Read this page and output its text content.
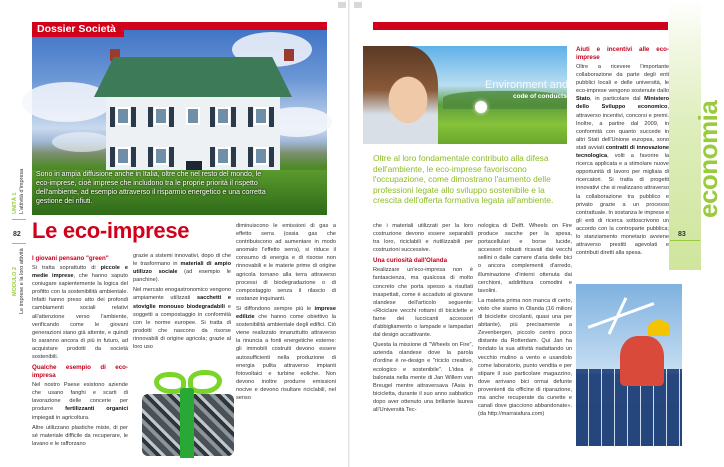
Dossier Società
Sono in ampia diffusione anche in Italia, oltre che nel resto del mondo, le eco-imprese, cioè imprese che includono tra le proprie priorità il rispetto dell'ambiente, ad esempio attraverso il risparmio energetico e una corretta gestione dei rifiuti.
UNITÀ 1 L'attività d'impresa
82
MODULO 2 Le imprese e la loro attività
Le eco-imprese
I giovani pensano "green"

Si tratta soprattutto di piccole e medie imprese, che hanno saputo coniugare sapientemente la logica del profitto con la sostenibilità ambientale. Infatti hanno preso atto dei profondi cambiamenti sociali relativi all'attenzione verso l'ambiente, verificando come le giovani generazioni siano già attente, e quindi lo saranno ancora di più in futuro, ad acquistare prodotti da società sostenibili.

Qualche esempio di eco-impresa

Nel nostro Paese esistono aziende che usano fanghi e scarti di lavorazione delle concerie per produrre fertilizzanti organici impiegati in agricoltura.

Altre utilizzano plastiche miste, di per sé materiale difficile da recuperare, le lavano e le rafforzano

grazie a sistemi innovativi, dopo di che le trasformano in materiali di ampio utilizzo sociale (ad esempio le panchine).

Nel mercato enogastronomico vengono ampiamente utilizzati sacchetti e stoviglie monouso biodegradabili e soggetti a compostaggio in conformità con le norme europee. Si tratta di prodotti che nascono da risorse rinnovabili di origine agricola; grazie al loro uso

diminuiscono le emissioni di gas a effetto serra (ossia gas che contribuiscono ad aumentare in modo anomalo l'effetto serra), si riduce il consumo di energia e di risorse non rinnovabili e le materie prime di origine agricola tornano alla terra attraverso processi di biodegradazione o di compostaggio senza il rilascio di sostanze inquinanti.

Si diffondono sempre più le imprese edilizie che hanno come obiettivo la sostenibilità ambientale degli edifici. Ciò viene realizzato innanzitutto attraverso la rinuncia a fonti energetiche esterne: gli immobili costruiti devono essere autosufficienti nella produzione di energia pulita attraverso impianti fotovoltaici e turbine eoliche. Non devono inoltre produrre emissioni nocive e devono risultare riciclabili, nel senso

Environment and ethics
code of conducts
Oltre al loro fondamentale contributo alla difesa dell'ambiente, le eco-imprese favoriscono l'occupazione, come dimostrano l'aumento delle professioni legate allo sviluppo sostenibile e la crescita dell'offerta formativa legata all'ambiente.

che i materiali utilizzati per la loro costruzione devono essere separabili tra loro, riciclabili e riutilizzabili per costruzioni successive.

Una curiosità dall'Olanda

Realizzare un'eco-impresa non è fantascienza, ma qualcosa di molto concreto che porta spesso a risultati inaspettati, come è accaduto al giovane olandese dell'articolo seguente: «Riciclare vecchi rottami di biciclette e farne dei luccicanti accessori d'abbigliamento o lampade e lampadari dal design accattivante.

Questa la missione di "Wheels on Fire", azienda olandese dove la parola d'ordine è re-design e "riciclo creativo, ecologico e sostenibile". L'idea è balonata nella mente di Jan Willem van Breugel mentre attraversava l'Asia in bicicletta, durante il suo anno sabbatico dopo aver ottenuto una brillante laurea all'Università Tec-

nologica di Delft. Wheels on Fire produce sacche per la spesa, portacellulari e borse lucide, accessori robusti ricavati dai vecchi sellini o dalle camere d'aria delle bici o ancora complementi d'arredo, illuminazione d'interni ottenuta dai cerchioni, addirittura comodini e tavolini.

La materia prima non manca di certo, visto che siamo in Olanda (16 milioni di biciclette circolanti, quasi una per abitante), più precisamente a Zevenbergen, piccolo centro poco distante da Rotterdam. Qui Jan ha fondato la sua attività riadattando un vecchio mulino a vento e usandolo come laboratorio, punto vendita e per stipare il suo particolare magazzino, dove arrivano bici ormai defunte provenienti da officine di riparazione, ma anche recuperate da cunette e canali dove giacciono abbandonate». (da http://marraiafura.com)

Aiuti e incentivi alle eco-imprese

Oltre a ricevere l'importante collaborazione da parte degli enti pubblici locali e delle università, le eco-imprese vengono sostenute dallo Stato, in particolare dal Ministero dello Sviluppo economico, attraverso incentivi, concorsi e premi. Inoltre, a partire dal 2009, in conformità con quanto succede in altri Stati dell'Unione europea, sono stati avviati contratti di innovazione tecnologica, volti a favorire la ricerca applicata e a stimolare nuove opportunità di lavoro per migliaia di ricercatori. Si tratta di progetti innovativi che si realizzano attraverso la collaborazione tra pubblico e privato grazie a un processo contrattuale. In sostanza le imprese e gli enti di ricerca sottoscrivono un accordo con la controparte pubblica; lo stanziamento monetario avviene attraverso prestiti agevolati e contributi diretti alla spesa.

economia
83
